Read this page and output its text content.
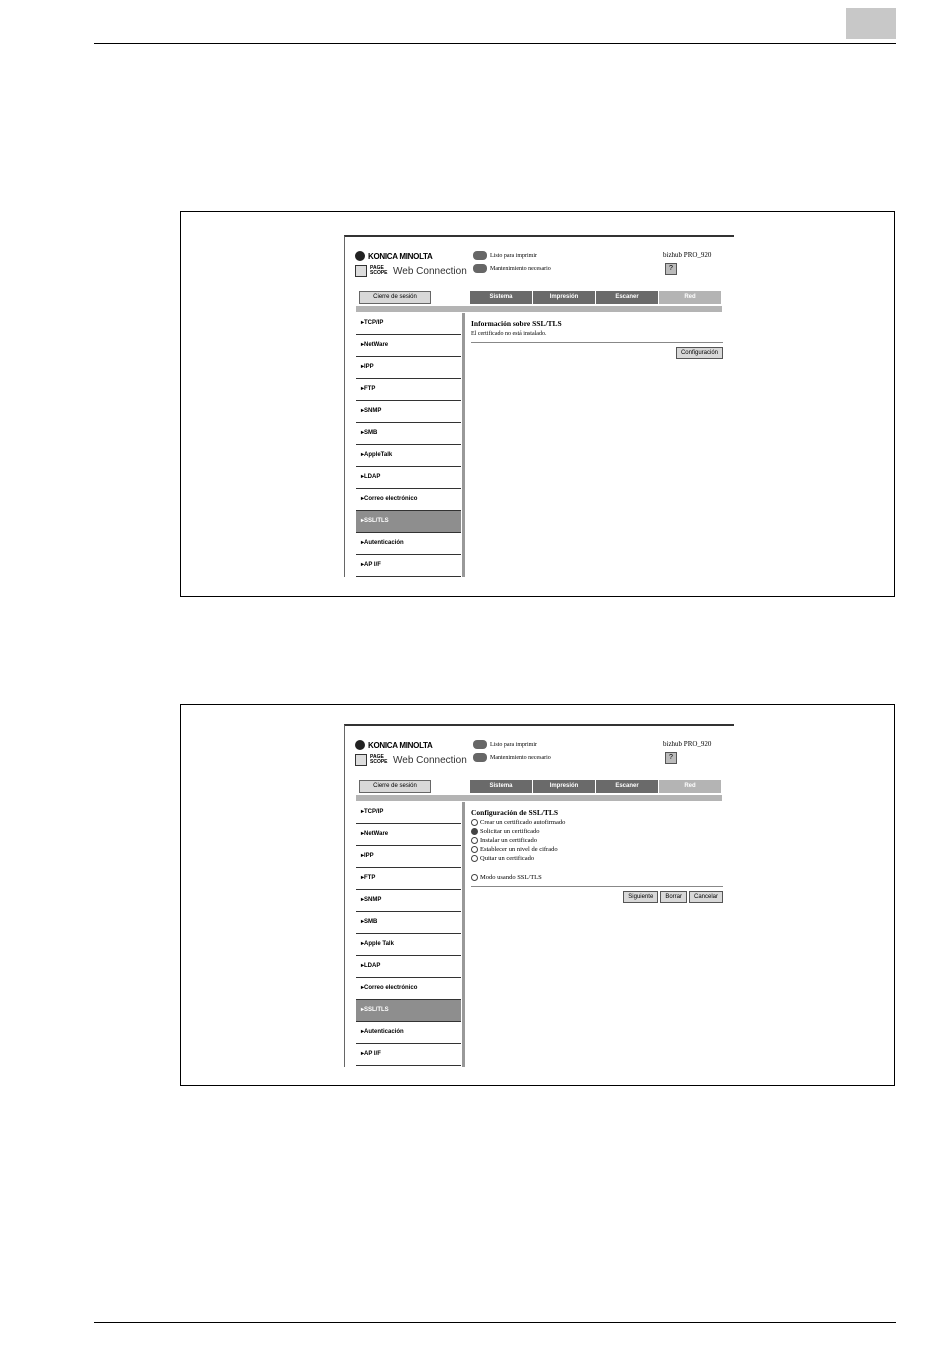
KONICA MINOLTA
PAGE SCOPE Web Connection
Listo para imprimir
Mantenimiento necesario
bizhub PRO_920
?
Cierre de sesión	Sistema	Impresión	Escaner	Red
▸TCP/IP
▸NetWare
▸IPP
▸FTP
▸SNMP
▸SMB
▸AppleTalk
▸LDAP
▸Correo electrónico
▸SSL/TLS
▸Autenticación
▸AP I/F
Información sobre SSL/TLS
El certificado no está instalado.
Configuración
KONICA MINOLTA
PAGE SCOPE Web Connection
Listo para imprimir
Mantenimiento necesario
bizhub PRO_920
?
Cierre de sesión	Sistema	Impresión	Escaner	Red
▸TCP/IP
▸NetWare
▸IPP
▸FTP
▸SNMP
▸SMB
▸Apple Talk
▸LDAP
▸Correo electrónico
▸SSL/TLS
▸Autenticación
▸AP I/F
Configuración de SSL/TLS
Crear un certificado autofirmado
Solicitar un certificado
Instalar un certificado
Establecer un nivel de cifrado
Quitar un certificado
Modo usando SSL/TLS
Siguiente	Borrar	Cancelar
